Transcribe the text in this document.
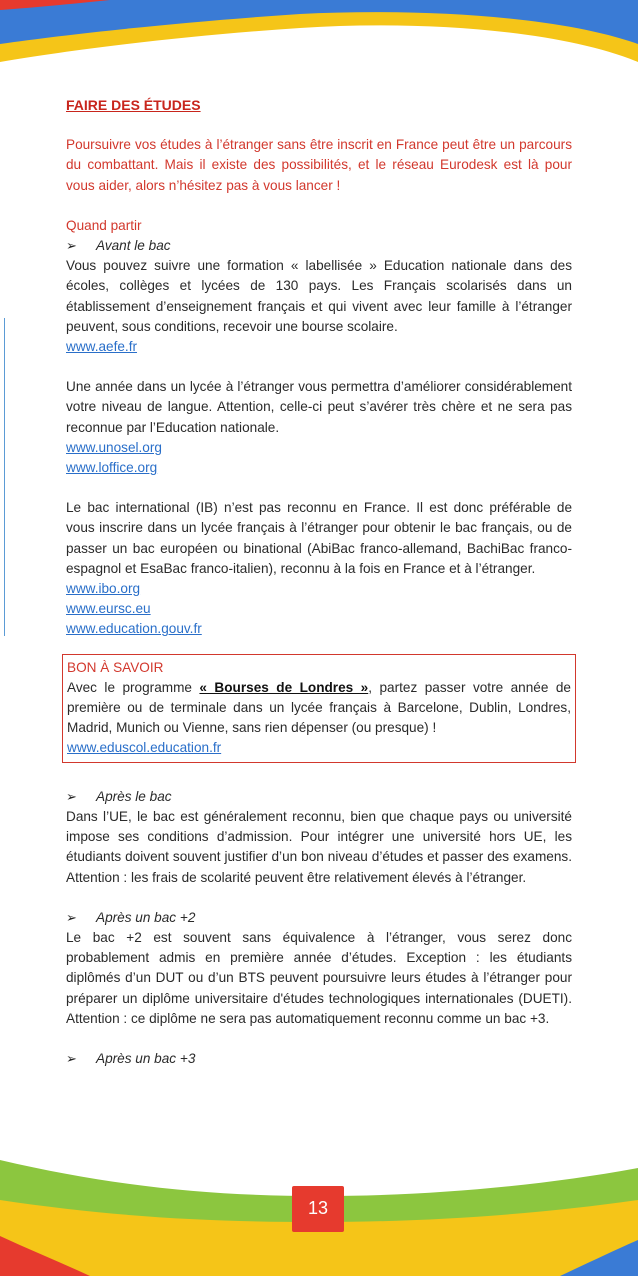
FAIRE DES ÉTUDES

Poursuivre vos études à l’étranger sans être inscrit en France peut être un parcours du combattant. Mais il existe des possibilités, et le réseau Eurodesk est là pour vous aider, alors n’hésitez pas à vous lancer !

Quand partir

➢	Avant le bac

Vous pouvez suivre une formation « labellisée » Education nationale dans des écoles, collèges et lycées de 130 pays. Les Français scolarisés dans un établissement d’enseignement français et qui vivent avec leur famille à l’étranger peuvent, sous conditions, recevoir une bourse scolaire.

www.aefe.fr

Une année dans un lycée à l’étranger vous permettra d’améliorer considérablement votre niveau de langue. Attention, celle-ci peut s’avérer très chère et ne sera pas reconnue par l’Education nationale.

www.unosel.org
www.loffice.org

Le bac international (IB) n’est pas reconnu en France. Il est donc préférable de vous inscrire dans un lycée français à l’étranger pour obtenir le bac français, ou de passer un bac européen ou binational (AbiBac franco-allemand, BachiBac franco-espagnol et EsaBac franco-italien), reconnu à la fois en France et à l’étranger.

www.ibo.org
www.eursc.eu
www.education.gouv.fr

BON À SAVOIR

Avec le programme « Bourses de Londres », partez passer votre année de première ou de terminale dans un lycée français à Barcelone, Dublin, Londres, Madrid, Munich ou Vienne, sans rien dépenser (ou presque) !

www.eduscol.education.fr
➢	Après le bac

Dans l’UE, le bac est généralement reconnu, bien que chaque pays ou université impose ses conditions d’admission. Pour intégrer une université hors UE, les étudiants doivent souvent justifier d’un bon niveau d’études et passer des examens. Attention : les frais de scolarité peuvent être relativement élevés à l’étranger.

➢	Après un bac +2

Le bac +2 est souvent sans équivalence à l’étranger, vous serez donc probablement admis en première année d’études. Exception : les étudiants diplômés d’un DUT ou d’un BTS peuvent poursuivre leurs études à l’étranger pour préparer un diplôme universitaire d'études technologiques internationales (DUETI). Attention : ce diplôme ne sera pas automatiquement reconnu comme un bac +3.

➢	Après un bac +3
13
